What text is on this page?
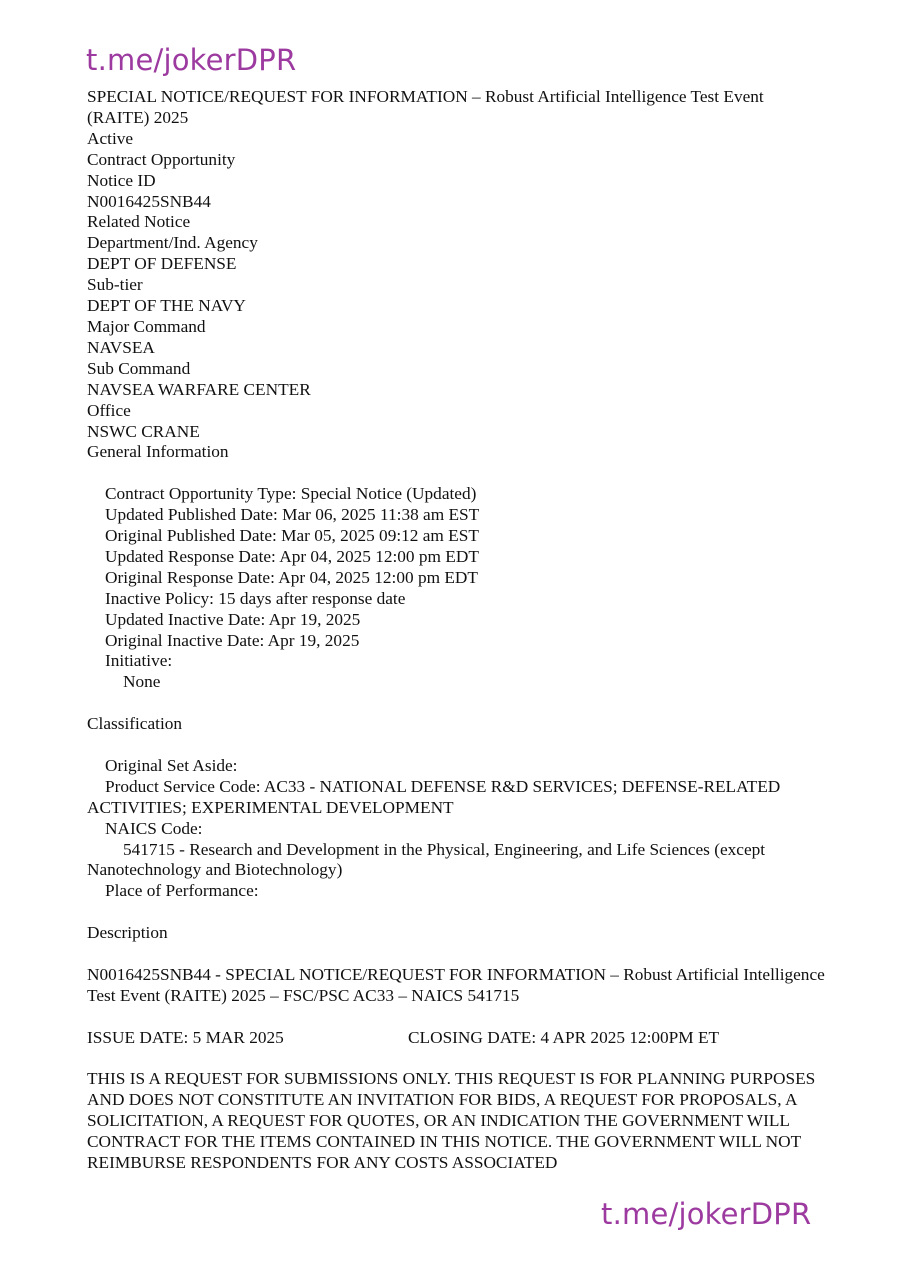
t.me/jokerDPR
SPECIAL NOTICE/REQUEST FOR INFORMATION – Robust Artificial Intelligence Test Event (RAITE) 2025
Active
Contract Opportunity
Notice ID
N0016425SNB44
Related Notice
Department/Ind. Agency
DEPT OF DEFENSE
Sub-tier
DEPT OF THE NAVY
Major Command
NAVSEA
Sub Command
NAVSEA WARFARE CENTER
Office
NSWC CRANE
General Information
Contract Opportunity Type: Special Notice (Updated)
Updated Published Date: Mar 06, 2025 11:38 am EST
Original Published Date: Mar 05, 2025 09:12 am EST
Updated Response Date: Apr 04, 2025 12:00 pm EDT
Original Response Date: Apr 04, 2025 12:00 pm EDT
Inactive Policy: 15 days after response date
Updated Inactive Date: Apr 19, 2025
Original Inactive Date: Apr 19, 2025
Initiative:
None
Classification
Original Set Aside:
Product Service Code: AC33 - NATIONAL DEFENSE R&D SERVICES; DEFENSE-RELATED ACTIVITIES; EXPERIMENTAL DEVELOPMENT
NAICS Code:
541715 - Research and Development in the Physical, Engineering, and Life Sciences (except Nanotechnology and Biotechnology)
Place of Performance:
Description
N0016425SNB44 - SPECIAL NOTICE/REQUEST FOR INFORMATION – Robust Artificial Intelligence Test Event (RAITE) 2025 – FSC/PSC AC33 – NAICS 541715
ISSUE DATE: 5 MAR 2025	CLOSING DATE: 4 APR 2025 12:00PM ET
THIS IS A REQUEST FOR SUBMISSIONS ONLY. THIS REQUEST IS FOR PLANNING PURPOSES AND DOES NOT CONSTITUTE AN INVITATION FOR BIDS, A REQUEST FOR PROPOSALS, A SOLICITATION, A REQUEST FOR QUOTES, OR AN INDICATION THE GOVERNMENT WILL CONTRACT FOR THE ITEMS CONTAINED IN THIS NOTICE. THE GOVERNMENT WILL NOT REIMBURSE RESPONDENTS FOR ANY COSTS ASSOCIATED
t.me/jokerDPR
